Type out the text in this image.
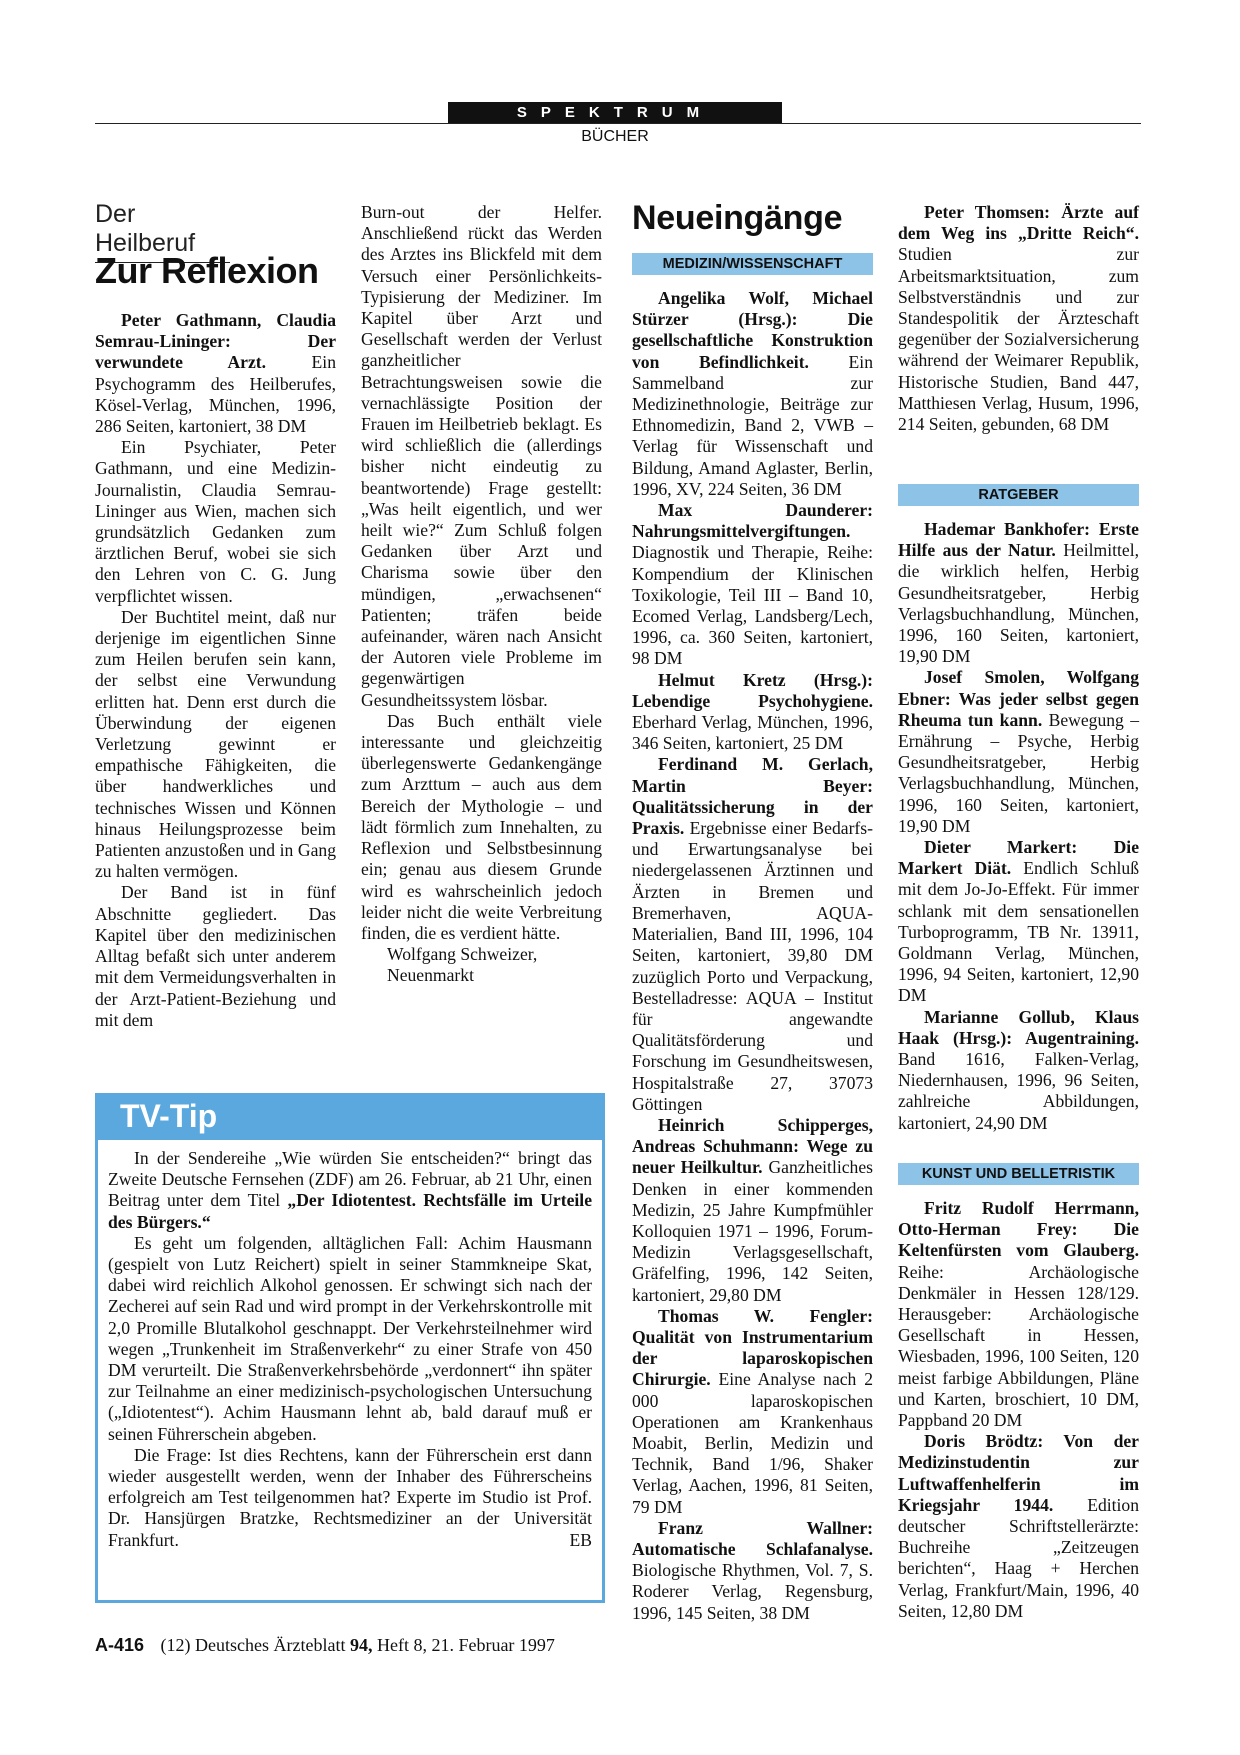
SPEKTRUM
BÜCHER
Der Heilberuf
Zur Reflexion

Peter Gathmann, Claudia Semrau-Lininger: Der verwundete Arzt. Ein Psychogramm des Heilberufes, Kösel-Verlag, München, 1996, 286 Seiten, kartoniert, 38 DM

Ein Psychiater, Peter Gathmann, und eine Medizin-Journalistin, Claudia Semrau-Lininger aus Wien, machen sich grundsätzlich Gedanken zum ärztlichen Beruf, wobei sie sich den Lehren von C. G. Jung verpflichtet wissen.

Der Buchtitel meint, daß nur derjenige im eigentlichen Sinne zum Heilen berufen sein kann, der selbst eine Verwundung erlitten hat. Denn erst durch die Überwindung der eigenen Verletzung gewinnt er empathische Fähigkeiten, die über handwerkliches und technisches Wissen und Können hinaus Heilungsprozesse beim Patienten anzustoßen und in Gang zu halten vermögen.

Der Band ist in fünf Abschnitte gegliedert. Das Kapitel über den medizinischen Alltag befaßt sich unter anderem mit dem Vermeidungsverhalten in der Arzt-Patient-Beziehung und mit dem

Burn-out der Helfer. Anschließend rückt das Werden des Arztes ins Blickfeld mit dem Versuch einer Persönlichkeits-Typisierung der Mediziner. Im Kapitel über Arzt und Gesellschaft werden der Verlust ganzheitlicher Betrachtungsweisen sowie die vernachlässigte Position der Frauen im Heilbetrieb beklagt. Es wird schließlich die (allerdings bisher nicht eindeutig zu beantwortende) Frage gestellt: „Was heilt eigentlich, und wer heilt wie?“ Zum Schluß folgen Gedanken über Arzt und Charisma sowie über den mündigen, „erwachsenen“ Patienten; träfen beide aufeinander, wären nach Ansicht der Autoren viele Probleme im gegenwärtigen Gesundheitssystem lösbar.

Das Buch enthält viele interessante und gleichzeitig überlegenswerte Gedankengänge zum Arzttum – auch aus dem Bereich der Mythologie – und lädt förmlich zum Innehalten, zu Reflexion und Selbstbesinnung ein; genau aus diesem Grunde wird es wahrscheinlich jedoch leider nicht die weite Verbreitung finden, die es verdient hätte.

Wolfgang Schweizer,

Neuenmarkt

TV-Tip

In der Sendereihe „Wie würden Sie entscheiden?“ bringt das Zweite Deutsche Fernsehen (ZDF) am 26. Februar, ab 21 Uhr, einen Beitrag unter dem Titel „Der Idiotentest. Rechtsfälle im Urteile des Bürgers.“

Es geht um folgenden, alltäglichen Fall: Achim Hausmann (gespielt von Lutz Reichert) spielt in seiner Stammkneipe Skat, dabei wird reichlich Alkohol genossen. Er schwingt sich nach der Zecherei auf sein Rad und wird prompt in der Verkehrskontrolle mit 2,0 Promille Blutalkohol geschnappt. Der Verkehrsteilnehmer wird wegen „Trunkenheit im Straßenverkehr“ zu einer Strafe von 450 DM verurteilt. Die Straßenverkehrsbehörde „verdonnert“ ihn später zur Teilnahme an einer medizinisch-psychologischen Untersuchung („Idiotentest“). Achim Hausmann lehnt ab, bald darauf muß er seinen Führerschein abgeben.

Die Frage: Ist dies Rechtens, kann der Führerschein erst dann wieder ausgestellt werden, wenn der Inhaber des Führerscheins erfolgreich am Test teilgenommen hat? Experte im Studio ist Prof. Dr. Hansjürgen Bratzke, Rechtsmediziner an der Universität Frankfurt.	EB

Neueingänge
MEDIZIN/WISSENSCHAFT

Angelika Wolf, Michael Stürzer (Hrsg.): Die gesellschaftliche Konstruktion von Befindlichkeit. Ein Sammelband zur Medizinethnologie, Beiträge zur Ethnomedizin, Band 2, VWB – Verlag für Wissenschaft und Bildung, Amand Aglaster, Berlin, 1996, XV, 224 Seiten, 36 DM

Max Daunderer: Nahrungsmittelvergiftungen. Diagnostik und Therapie, Reihe: Kompendium der Klinischen Toxikologie, Teil III – Band 10, Ecomed Verlag, Landsberg/Lech, 1996, ca. 360 Seiten, kartoniert, 98 DM

Helmut Kretz (Hrsg.): Lebendige Psychohygiene. Eberhard Verlag, München, 1996, 346 Seiten, kartoniert, 25 DM

Ferdinand M. Gerlach, Martin Beyer: Qualitätssicherung in der Praxis. Ergebnisse einer Bedarfs- und Erwartungsanalyse bei niedergelassenen Ärztinnen und Ärzten in Bremen und Bremerhaven, AQUA-Materialien, Band III, 1996, 104 Seiten, kartoniert, 39,80 DM zuzüglich Porto und Verpackung, Bestelladresse: AQUA – Institut für angewandte Qualitätsförderung und Forschung im Gesundheitswesen, Hospitalstraße 27, 37073 Göttingen

Heinrich Schipperges, Andreas Schuhmann: Wege zu neuer Heilkultur. Ganzheitliches Denken in einer kommenden Medizin, 25 Jahre Kumpfmühler Kolloquien 1971 – 1996, Forum-Medizin Verlagsgesellschaft, Gräfelfing, 1996, 142 Seiten, kartoniert, 29,80 DM

Thomas W. Fengler: Qualität von Instrumentarium der laparoskopischen Chirurgie. Eine Analyse nach 2 000 laparoskopischen Operationen am Krankenhaus Moabit, Berlin, Medizin und Technik, Band 1/96, Shaker Verlag, Aachen, 1996, 81 Seiten, 79 DM

Franz Wallner: Automatische Schlafanalyse. Biologische Rhythmen, Vol. 7, S. Roderer Verlag, Regensburg, 1996, 145 Seiten, 38 DM

Peter Thomsen: Ärzte auf dem Weg ins „Dritte Reich“. Studien zur Arbeitsmarktsituation, zum Selbstverständnis und zur Standespolitik der Ärzteschaft gegenüber der Sozialversicherung während der Weimarer Republik, Historische Studien, Band 447, Matthiesen Verlag, Husum, 1996, 214 Seiten, gebunden, 68 DM

RATGEBER

Hademar Bankhofer: Erste Hilfe aus der Natur. Heilmittel, die wirklich helfen, Herbig Gesundheitsratgeber, Herbig Verlagsbuchhandlung, München, 1996, 160 Seiten, kartoniert, 19,90 DM

Josef Smolen, Wolfgang Ebner: Was jeder selbst gegen Rheuma tun kann. Bewegung – Ernährung – Psyche, Herbig Gesundheitsratgeber, Herbig Verlagsbuchhandlung, München, 1996, 160 Seiten, kartoniert, 19,90 DM

Dieter Markert: Die Markert Diät. Endlich Schluß mit dem Jo-Jo-Effekt. Für immer schlank mit dem sensationellen Turboprogramm, TB Nr. 13911, Goldmann Verlag, München, 1996, 94 Seiten, kartoniert, 12,90 DM

Marianne Gollub, Klaus Haak (Hrsg.): Augentraining. Band 1616, Falken-Verlag, Niedernhausen, 1996, 96 Seiten, zahlreiche Abbildungen, kartoniert, 24,90 DM

KUNST UND BELLETRISTIK

Fritz Rudolf Herrmann, Otto-Herman Frey: Die Keltenfürsten vom Glauberg. Reihe: Archäologische Denkmäler in Hessen 128/129. Herausgeber: Archäologische Gesellschaft in Hessen, Wiesbaden, 1996, 100 Seiten, 120 meist farbige Abbildungen, Pläne und Karten, broschiert, 10 DM, Pappband 20 DM

Doris Brödtz: Von der Medizinstudentin zur Luftwaffenhelferin im Kriegsjahr 1944. Edition deutscher Schriftstellerärzte: Buchreihe „Zeitzeugen berichten“, Haag + Herchen Verlag, Frankfurt/Main, 1996, 40 Seiten, 12,80 DM

A-416 (12) Deutsches Ärzteblatt 94, Heft 8, 21. Februar 1997
